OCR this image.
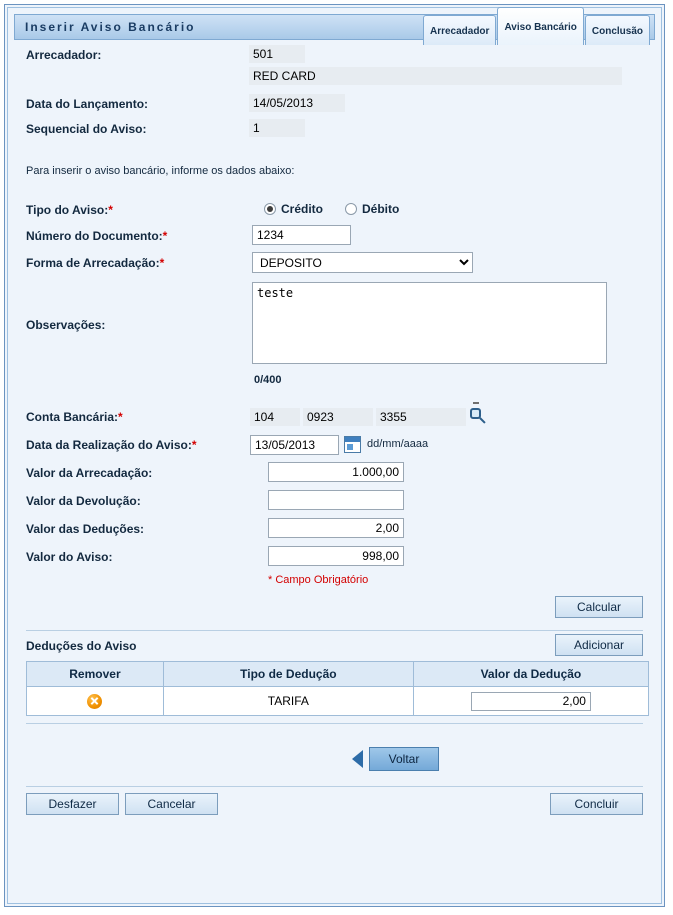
Inserir Aviso Bancário	Arrecadador Aviso Bancário Conclusão
Arrecadador:	501
RED CARD
Data do Lançamento:	14/05/2013
Sequencial do Aviso:	1
Para inserir o aviso bancário, informe os dados abaixo:
Tipo do Aviso:*	Crédito	Débito
Número do Documento:*
1234
Forma de Arrecadação:*
DEPOSITO
Observações:
teste
0/400
Conta Bancária:*	104	0923	3355
Data da Realização do Aviso:*
13/05/2013	dd/mm/aaaa
Valor da Arrecadação:
1.000,00
Valor da Devolução:
Valor das Deduções:
2,00
Valor do Aviso:
998,00
* Campo Obrigatório
Calcular
Deduções do Aviso	Adicionar
Remover	Tipo de Dedução	Valor da Dedução
	TARIFA	2,00
Voltar
Desfazer	Cancelar	Concluir
